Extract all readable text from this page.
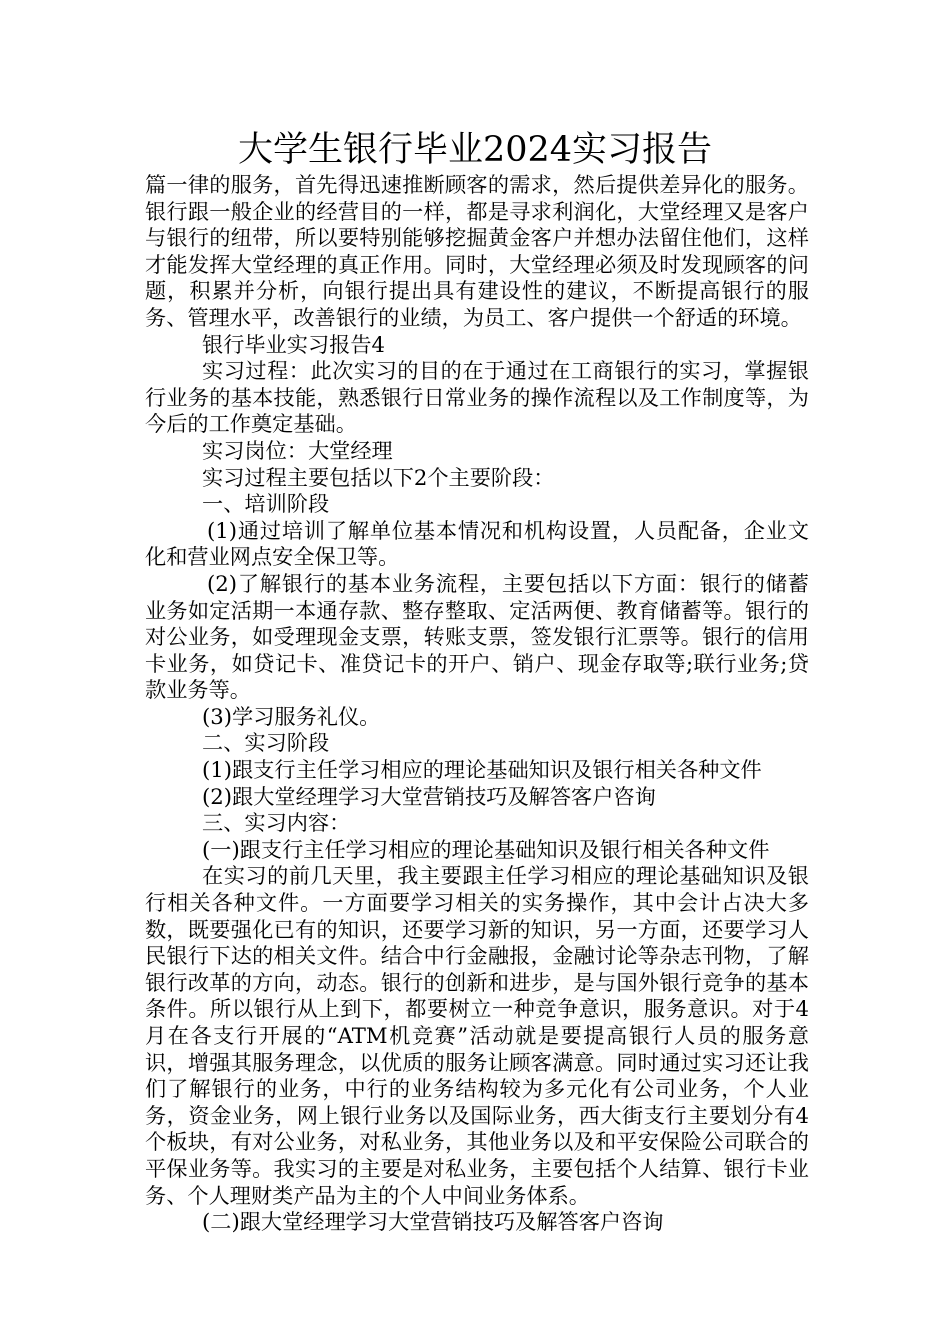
大学生银行毕业2024实习报告

篇一律的服务，首先得迅速推断顾客的需求，然后提供差异化的服务。银行跟一般企业的经营目的一样，都是寻求利润化，大堂经理又是客户与银行的纽带，所以要特别能够挖掘黄金客户并想办法留住他们，这样才能发挥大堂经理的真正作用。同时，大堂经理必须及时发现顾客的问题，积累并分析，向银行提出具有建设性的建议，不断提高银行的服务、管理水平，改善银行的业绩，为员工、客户提供一个舒适的环境。

银行毕业实习报告4

实习过程：此次实习的目的在于通过在工商银行的实习，掌握银行业务的基本技能，熟悉银行日常业务的操作流程以及工作制度等，为今后的工作奠定基础。

实习岗位：大堂经理

实习过程主要包括以下2个主要阶段：

一、培训阶段

(1)通过培训了解单位基本情况和机构设置，人员配备，企业文化和营业网点安全保卫等。

(2)了解银行的基本业务流程，主要包括以下方面：银行的储蓄业务如定活期一本通存款、整存整取、定活两便、教育储蓄等。银行的对公业务，如受理现金支票，转账支票，签发银行汇票等。银行的信用卡业务，如贷记卡、准贷记卡的开户、销户、现金存取等;联行业务;贷款业务等。

(3)学习服务礼仪。

二、实习阶段

(1)跟支行主任学习相应的理论基础知识及银行相关各种文件

(2)跟大堂经理学习大堂营销技巧及解答客户咨询

三、实习内容：

(一)跟支行主任学习相应的理论基础知识及银行相关各种文件

在实习的前几天里，我主要跟主任学习相应的理论基础知识及银行相关各种文件。一方面要学习相关的实务操作，其中会计占决大多数，既要强化已有的知识，还要学习新的知识，另一方面，还要学习人民银行下达的相关文件。结合中行金融报，金融讨论等杂志刊物，了解银行改革的方向，动态。银行的创新和进步，是与国外银行竞争的基本条件。所以银行从上到下，都要树立一种竞争意识，服务意识。对于4月在各支行开展的“ATM机竞赛”活动就是要提高银行人员的服务意识，增强其服务理念，以优质的服务让顾客满意。同时通过实习还让我们了解银行的业务，中行的业务结构较为多元化有公司业务，个人业务，资金业务，网上银行业务以及国际业务，西大街支行主要划分有4个板块，有对公业务，对私业务，其他业务以及和平安保险公司联合的平保业务等。我实习的主要是对私业务，主要包括个人结算、银行卡业务、个人理财类产品为主的个人中间业务体系。

(二)跟大堂经理学习大堂营销技巧及解答客户咨询
